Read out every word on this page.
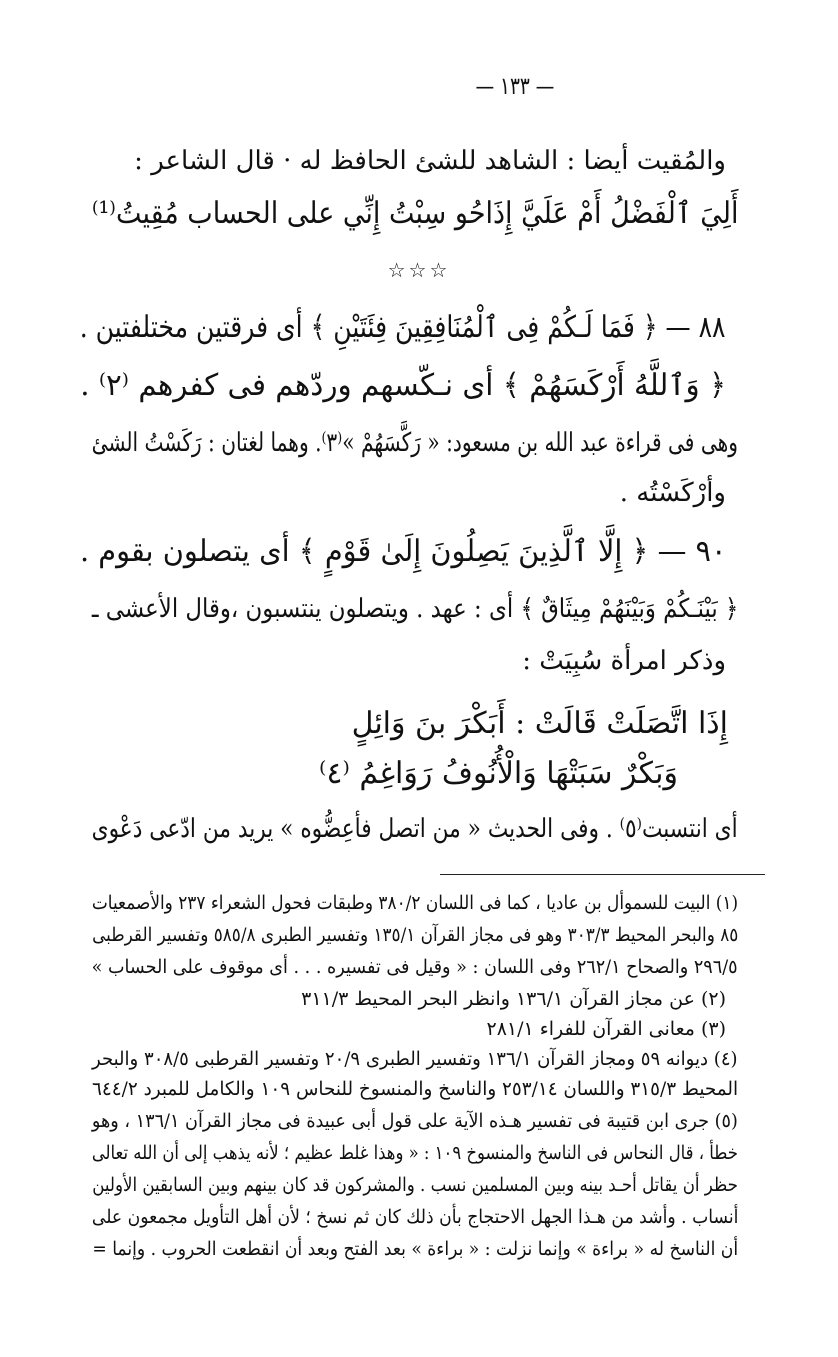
— ١٣٣ —
والمُقيت أيضا : الشاهد للشئ الحافظ له · قال الشاعر :
أَلِيَ ٱلْفَضْلُ أَمْ عَلَيَّ إِذَاحُو سِبْتُ إِنِّي على الحساب مُقِيتُ⁽¹⁾
☆☆☆
٨٨ — ﴿ فَمَا لَـكُمْ فِى ٱلْمُنَافِقِينَ فِئَتَيْنِ ﴾ أى فرقتين مختلفتين .
﴿ وَٱللَّهُ أَرْكَسَهُمْ ﴾ أى نـكّسهم وردّهم فى كفرهم ⁽٢⁾ .
وهى فى قراءة عبد الله بن مسعود: « رَكَّسَهُمْ »⁽٣⁾. وهما لغتان : رَكَسْتُ الشئ
وأرْكَسْتُه .
٩٠ — ﴿ إِلَّا ٱلَّذِينَ يَصِلُونَ إِلَىٰ قَوْمٍ ﴾ أى يتصلون بقوم .
﴿ بَيْنَـكُمْ وَبَيْنَهُمْ مِيثَاقٌ ﴾ أى : عهد . ويتصلون ينتسبون ،وقال الأعشى ـ
وذكر امرأة سُبِيَتْ :
إِذَا اتَّصَلَتْ قَالَتْ : أَبَكْرَ بنَ وَائِلٍ
وَبَكْرٌ سَبَتْهَا وَالْأُنُوفُ رَوَاغِمُ ⁽٤⁾
أى انتسبت⁽٥⁾ . وفى الحديث « من اتصل فأعِضُّوه » يريد من ادّعى دَعْوى
(١) البيت للسموأل بن عاديا ، كما فى اللسان ٣٨٠/٢ وطبقات فحول الشعراء ٢٣٧ والأصمعيات
٨٥ والبحر المحيط ٣٠٣/٣ وهو فى مجاز القرآن ١٣٥/١ وتفسير الطبرى ٥٨٥/٨ وتفسير القرطبى
٢٩٦/٥ والصحاح ٢٦٢/١ وفى اللسان : « وقيل فى تفسيره . . . أى موقوف على الحساب »
(٢) عن مجاز القرآن ١٣٦/١ وانظر البحر المحيط ٣١١/٣
(٣) معانى القرآن للفراء ٢٨١/١
(٤) ديوانه ٥٩ ومجاز القرآن ١٣٦/١ وتفسير الطبرى ٢٠/٩ وتفسير القرطبى ٣٠٨/٥ والبحر
المحيط ٣١٥/٣ واللسان ٢٥٣/١٤ والناسخ والمنسوخ للنحاس ١٠٩ والكامل للمبرد ٦٤٤/٢
(٥) جرى ابن قتيبة فى تفسير هـذه الآية على قول أبى عبيدة فى مجاز القرآن ١٣٦/١ ، وهو
خطأ ، قال النحاس فى الناسخ والمنسوخ ١٠٩ : « وهذا غلط عظيم ؛ لأنه يذهب إلى أن الله تعالى
حظر أن يقاتل أحـد بينه وبين المسلمين نسب . والمشركون قد كان بينهم وبين السابقين الأولين
أنساب . وأشد من هـذا الجهل الاحتجاج بأن ذلك كان ثم نسخ ؛ لأن أهل التأويل مجمعون على
أن الناسخ له « براءة » وإنما نزلت : « براءة » بعد الفتح وبعد أن انقطعت الحروب . وإنما =
